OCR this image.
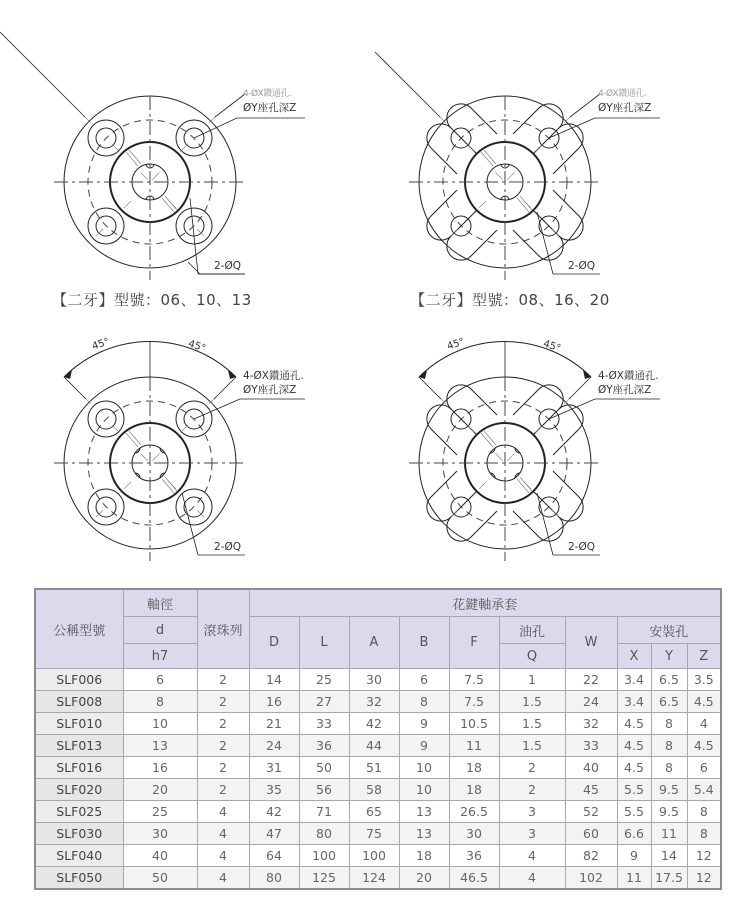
4-ØX鑽通孔.
ØY座孔深Z
2-ØQ
【二牙】型號：06、10、13
4-ØX鑽通孔.
ØY座孔深Z
2-ØQ
【二牙】型號：08、16、20
45°	45°
4-ØX鑽通孔.
ØY座孔深Z
2-ØQ
45°	45°
4-ØX鑽通孔.
ØY座孔深Z
2-ØQ
公稱型號	軸徑	滾珠列	花鍵軸承套									
	d		D	L	A	B	F	油孔	W	安裝孔		
	h7							Q		X	Y	Z
SLF006	6	2	14	25	30	6	7.5	1	22	3.4	6.5	3.5
SLF008	8	2	16	27	32	8	7.5	1.5	24	3.4	6.5	4.5
SLF010	10	2	21	33	42	9	10.5	1.5	32	4.5	8	4
SLF013	13	2	24	36	44	9	11	1.5	33	4.5	8	4.5
SLF016	16	2	31	50	51	10	18	2	40	4.5	8	6
SLF020	20	2	35	56	58	10	18	2	45	5.5	9.5	5.4
SLF025	25	4	42	71	65	13	26.5	3	52	5.5	9.5	8
SLF030	30	4	47	80	75	13	30	3	60	6.6	11	8
SLF040	40	4	64	100	100	18	36	4	82	9	14	12
SLF050	50	4	80	125	124	20	46.5	4	102	11	17.5	12
